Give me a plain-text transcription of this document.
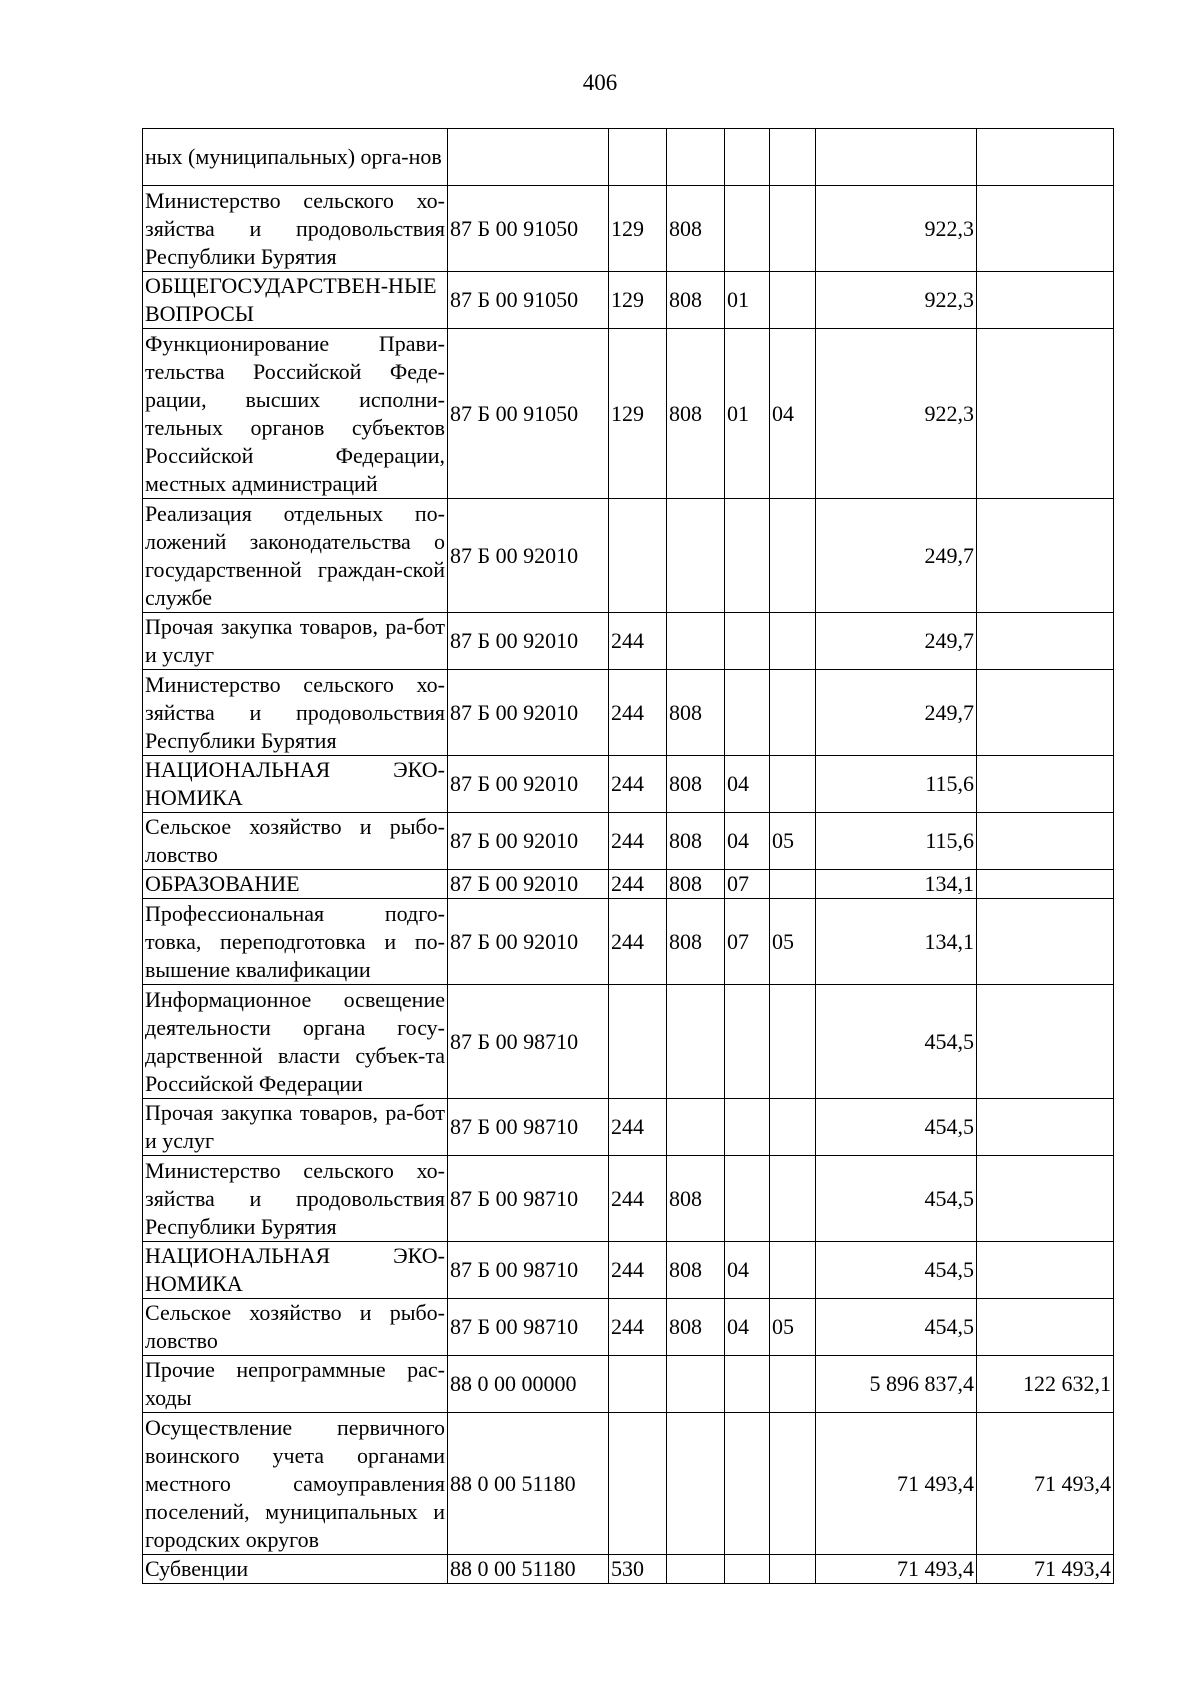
406
ных (муниципальных) орга-нов							
Министерство сельского хо-зяйства и продовольствия Республики Бурятия	87 Б 00 91050	129	808			922,3	
ОБЩЕГОСУДАРСТВЕН-НЫЕ ВОПРОСЫ	87 Б 00 91050	129	808	01		922,3	
Функционирование Прави-тельства Российской Феде-рации, высших исполни-тельных органов субъектов Российской Федерации, местных администраций	87 Б 00 91050	129	808	01	04	922,3	
Реализация отдельных по-ложений законодательства о государственной граждан-ской службе	87 Б 00 92010					249,7	
Прочая закупка товаров, ра-бот и услуг	87 Б 00 92010	244				249,7	
Министерство сельского хо-зяйства и продовольствия Республики Бурятия	87 Б 00 92010	244	808			249,7	
НАЦИОНАЛЬНАЯ ЭКО-НОМИКА	87 Б 00 92010	244	808	04		115,6	
Сельское хозяйство и рыбо-ловство	87 Б 00 92010	244	808	04	05	115,6	
ОБРАЗОВАНИЕ	87 Б 00 92010	244	808	07		134,1	
Профессиональная подго-товка, переподготовка и по-вышение квалификации	87 Б 00 92010	244	808	07	05	134,1	
Информационное освещение деятельности органа госу-дарственной власти субъек-та Российской Федерации	87 Б 00 98710					454,5	
Прочая закупка товаров, ра-бот и услуг	87 Б 00 98710	244				454,5	
Министерство сельского хо-зяйства и продовольствия Республики Бурятия	87 Б 00 98710	244	808			454,5	
НАЦИОНАЛЬНАЯ ЭКО-НОМИКА	87 Б 00 98710	244	808	04		454,5	
Сельское хозяйство и рыбо-ловство	87 Б 00 98710	244	808	04	05	454,5	
Прочие непрограммные рас-ходы	88 0 00 00000					5 896 837,4	122 632,1
Осуществление первичного воинского учета органами местного самоуправления поселений, муниципальных и городских округов	88 0 00 51180					71 493,4	71 493,4
Субвенции	88 0 00 51180	530				71 493,4	71 493,4
